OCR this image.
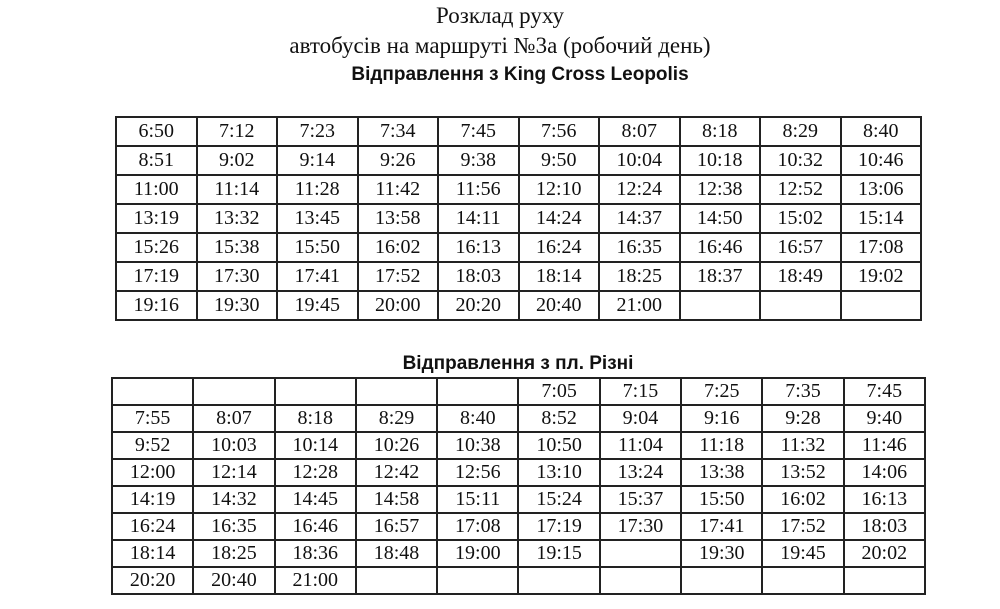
Розклад руху
автобусів на маршруті №3а (робочий день)
Відправлення з King Cross Leopolis
6:50	7:12	7:23	7:34	7:45	7:56	8:07	8:18	8:29	8:40
8:51	9:02	9:14	9:26	9:38	9:50	10:04	10:18	10:32	10:46
11:00	11:14	11:28	11:42	11:56	12:10	12:24	12:38	12:52	13:06
13:19	13:32	13:45	13:58	14:11	14:24	14:37	14:50	15:02	15:14
15:26	15:38	15:50	16:02	16:13	16:24	16:35	16:46	16:57	17:08
17:19	17:30	17:41	17:52	18:03	18:14	18:25	18:37	18:49	19:02
19:16	19:30	19:45	20:00	20:20	20:40	21:00			
Відправлення з пл. Різні
					7:05	7:15	7:25	7:35	7:45
7:55	8:07	8:18	8:29	8:40	8:52	9:04	9:16	9:28	9:40
9:52	10:03	10:14	10:26	10:38	10:50	11:04	11:18	11:32	11:46
12:00	12:14	12:28	12:42	12:56	13:10	13:24	13:38	13:52	14:06
14:19	14:32	14:45	14:58	15:11	15:24	15:37	15:50	16:02	16:13
16:24	16:35	16:46	16:57	17:08	17:19	17:30	17:41	17:52	18:03
18:14	18:25	18:36	18:48	19:00	19:15		19:30	19:45	20:02
20:20	20:40	21:00							
